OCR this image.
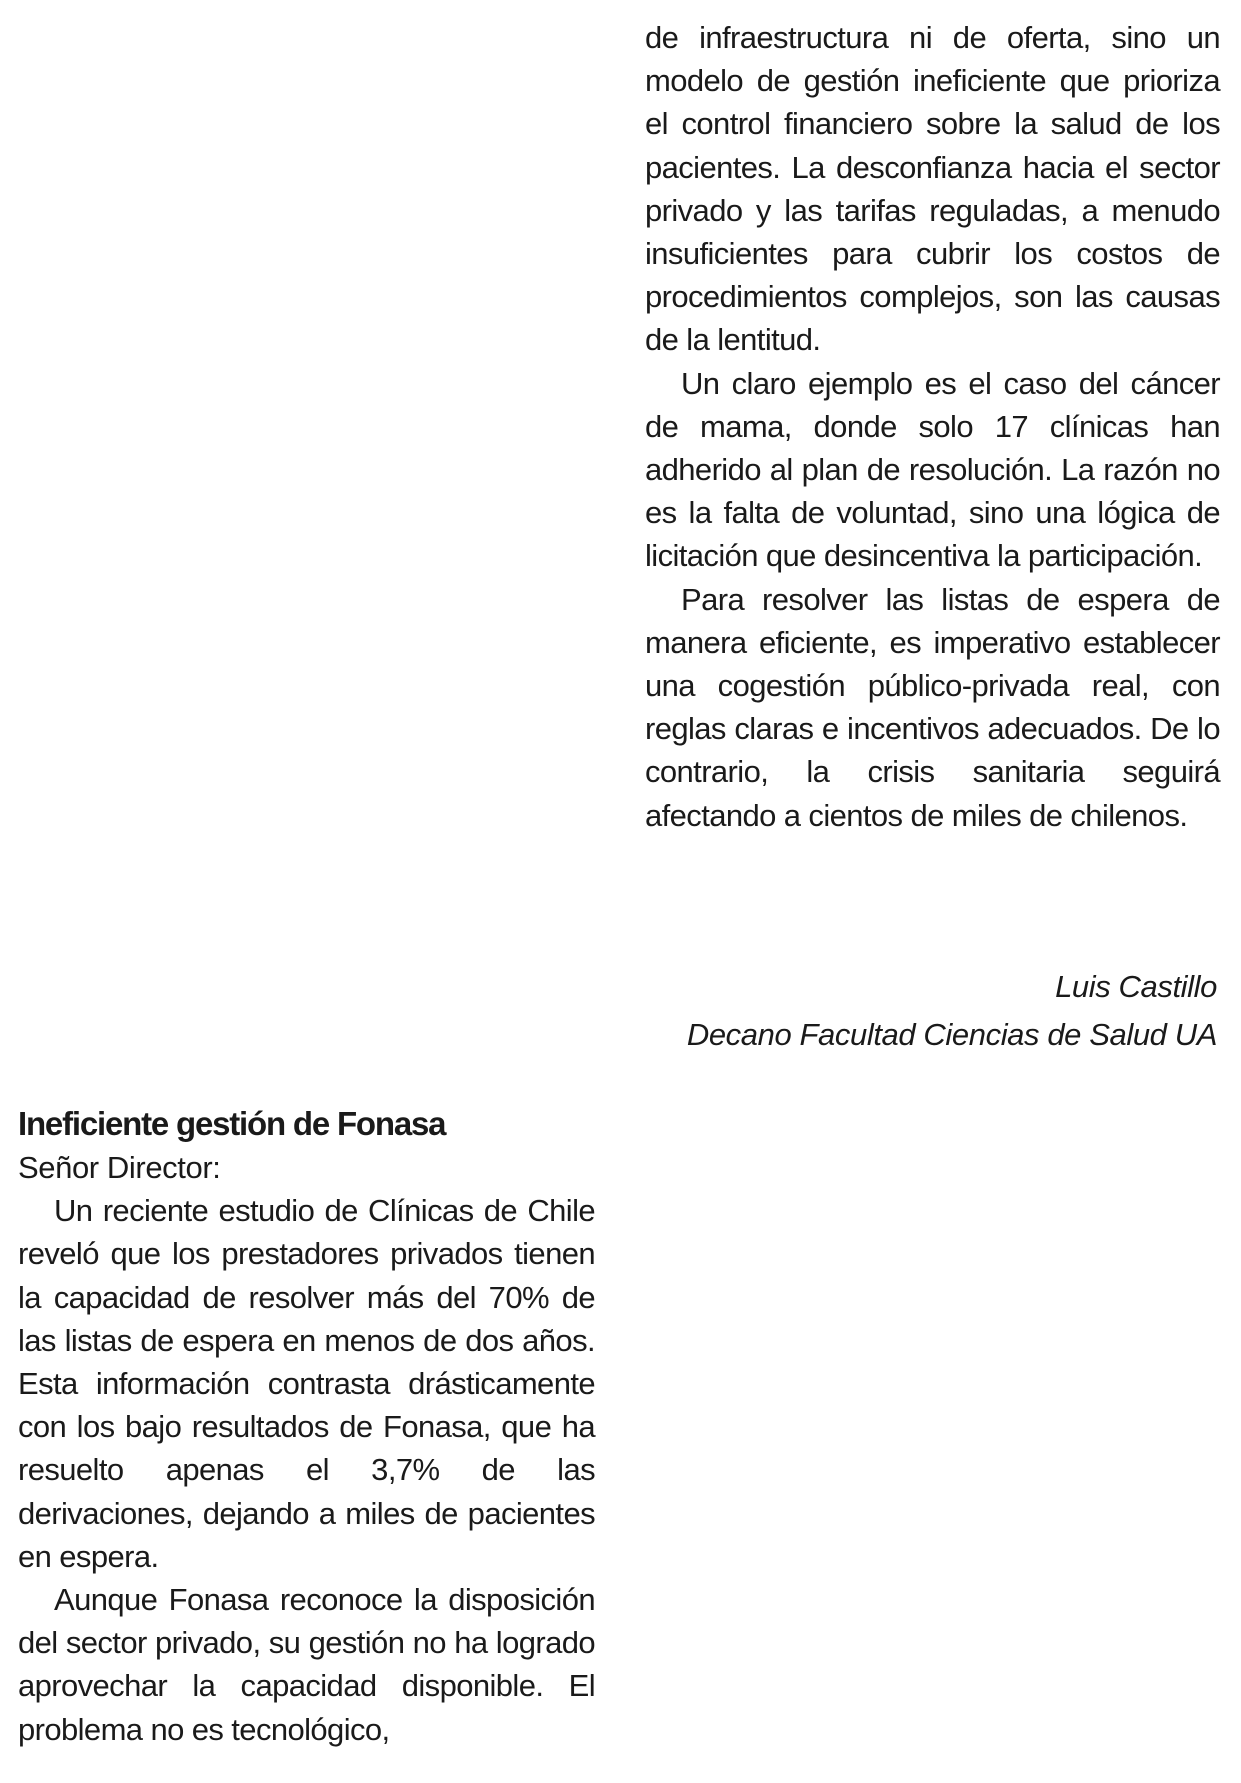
de infraestructura ni de oferta, sino un modelo de gestión ineficiente que prioriza el control financiero sobre la salud de los pacientes. La desconfianza hacia el sector privado y las tarifas reguladas, a menudo insuficientes para cubrir los costos de procedimientos complejos, son las causas de la lentitud.

Un claro ejemplo es el caso del cáncer de mama, donde solo 17 clínicas han adherido al plan de resolución. La razón no es la falta de voluntad, sino una lógica de licitación que desincentiva la participación.

Para resolver las listas de espera de manera eficiente, es imperativo establecer una cogestión público-privada real, con reglas claras e incentivos adecuados. De lo contrario, la crisis sanitaria seguirá afectando a cientos de miles de chilenos.

Luis Castillo
Decano Facultad Ciencias de Salud UA
Ineficiente gestión de Fonasa
Señor Director:

Un reciente estudio de Clínicas de Chile reveló que los prestadores privados tienen la capacidad de resolver más del 70% de las listas de espera en menos de dos años. Esta información contrasta drásticamente con los bajo resultados de Fonasa, que ha resuelto apenas el 3,7% de las derivaciones, dejando a miles de pacientes en espera.

Aunque Fonasa reconoce la disposición del sector privado, su gestión no ha logrado aprovechar la capacidad disponible. El problema no es tecnológico,
